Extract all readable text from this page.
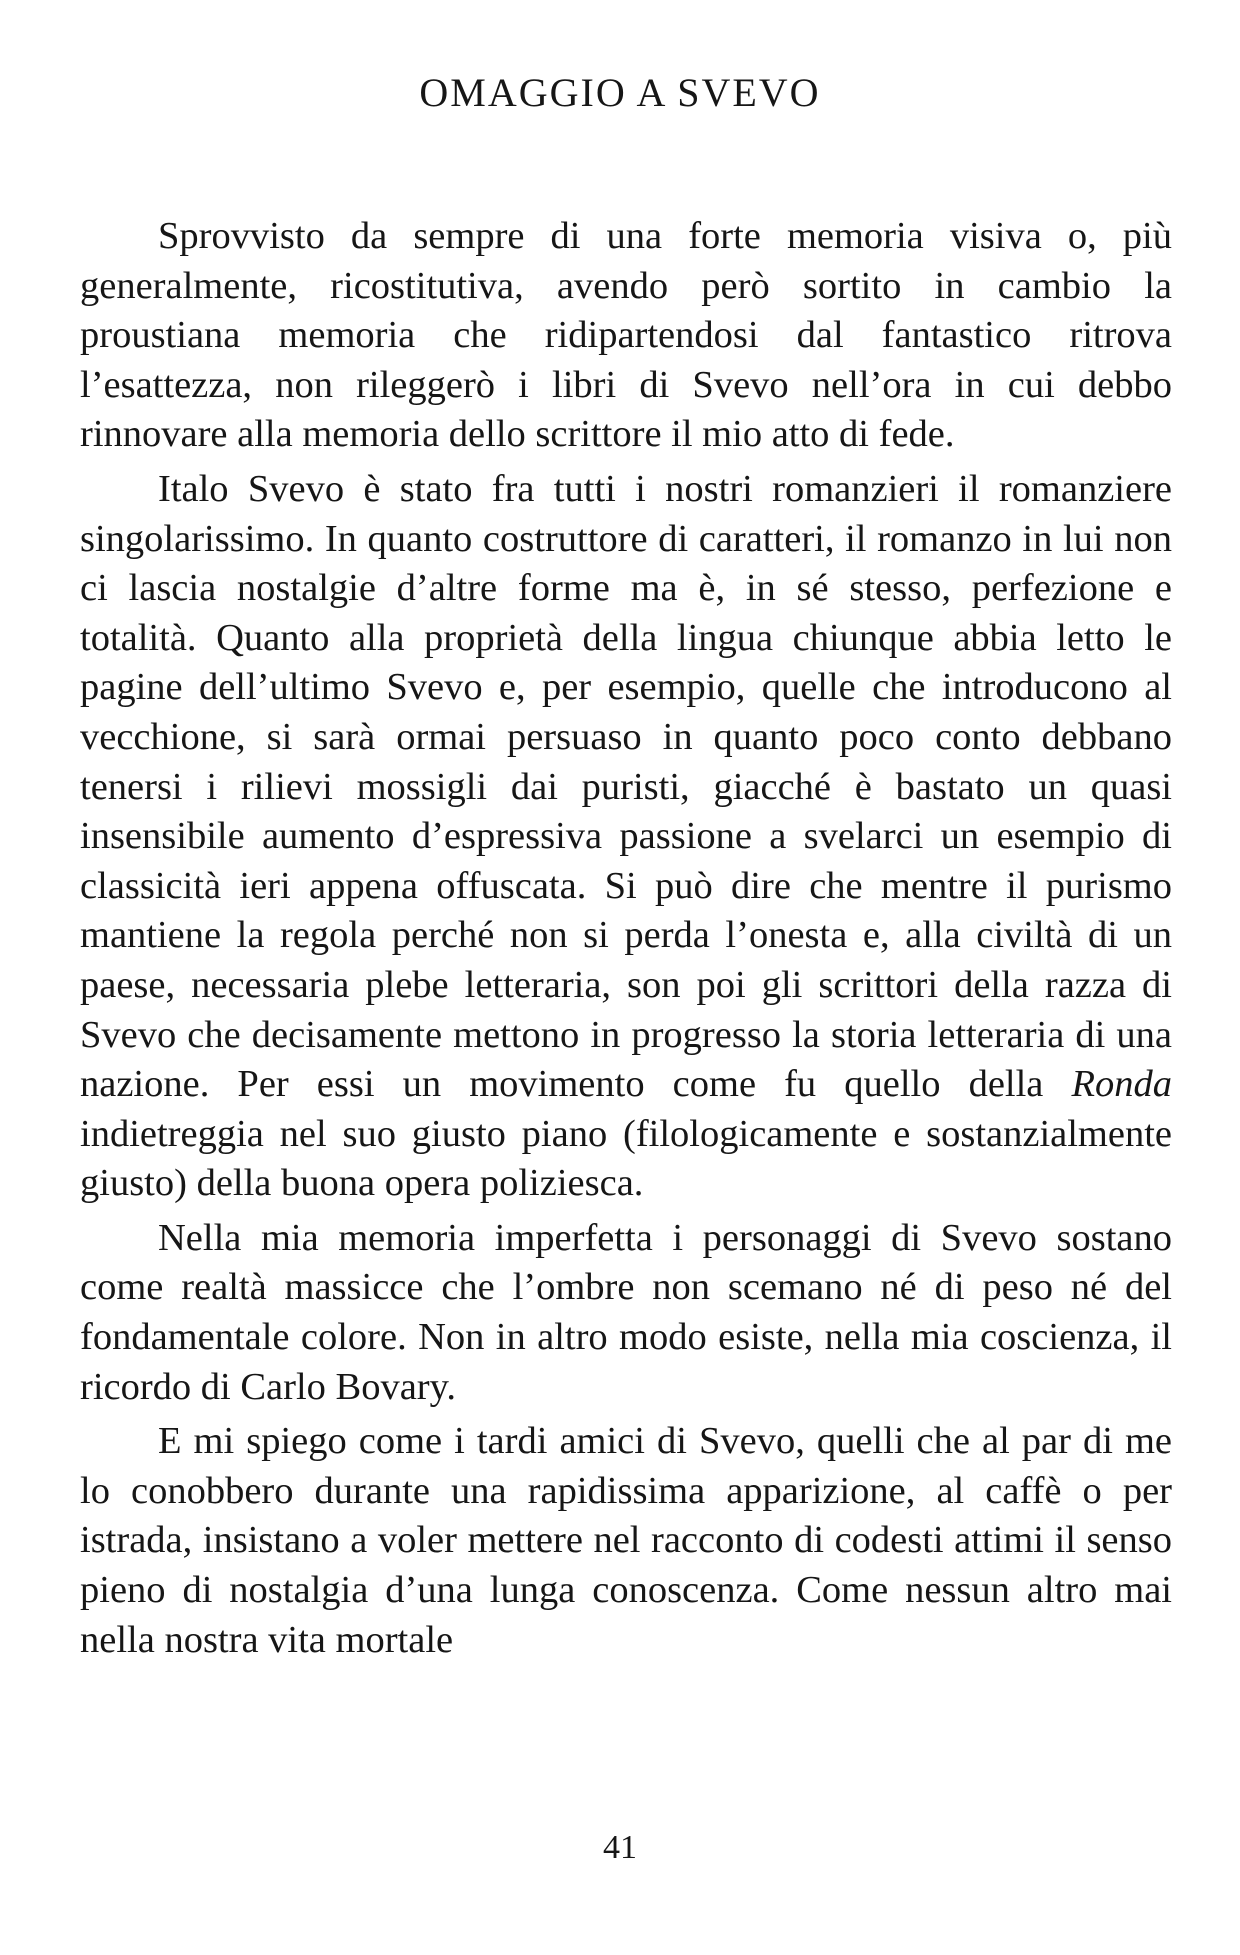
OMAGGIO A SVEVO

Sprovvisto da sempre di una forte memoria visiva o, più generalmente, ricostitutiva, avendo però sortito in cambio la proustiana memoria che ridipartendosi dal fantastico ritrova l’esattezza, non rileggerò i libri di Svevo nell’ora in cui debbo rinnovare alla memoria dello scrittore il mio atto di fede.

Italo Svevo è stato fra tutti i nostri romanzieri il romanziere singolarissimo. In quanto costruttore di caratteri, il romanzo in lui non ci lascia nostalgie d’altre forme ma è, in sé stesso, perfezione e totalità. Quanto alla proprietà della lingua chiunque abbia letto le pagine dell’ultimo Svevo e, per esempio, quelle che introducono al vecchione, si sarà ormai persuaso in quanto poco conto debbano tenersi i rilievi mossigli dai puristi, giacché è bastato un quasi insensibile aumento d’espressiva passione a svelarci un esempio di classicità ieri appena offuscata. Si può dire che mentre il purismo mantiene la regola perché non si perda l’onesta e, alla civiltà di un paese, necessaria plebe letteraria, son poi gli scrittori della razza di Svevo che decisamente mettono in progresso la storia letteraria di una nazione. Per essi un movimento come fu quello della Ronda indietreggia nel suo giusto piano (filologicamente e sostanzialmente giusto) della buona opera poliziesca.

Nella mia memoria imperfetta i personaggi di Svevo sostano come realtà massicce che l’ombre non scemano né di peso né del fondamentale colore. Non in altro modo esiste, nella mia coscienza, il ricordo di Carlo Bovary.

E mi spiego come i tardi amici di Svevo, quelli che al par di me lo conobbero durante una rapidissima apparizione, al caffè o per istrada, insistano a voler mettere nel racconto di codesti attimi il senso pieno di nostalgia d’una lunga conoscenza. Come nessun altro mai nella nostra vita mortale

41
